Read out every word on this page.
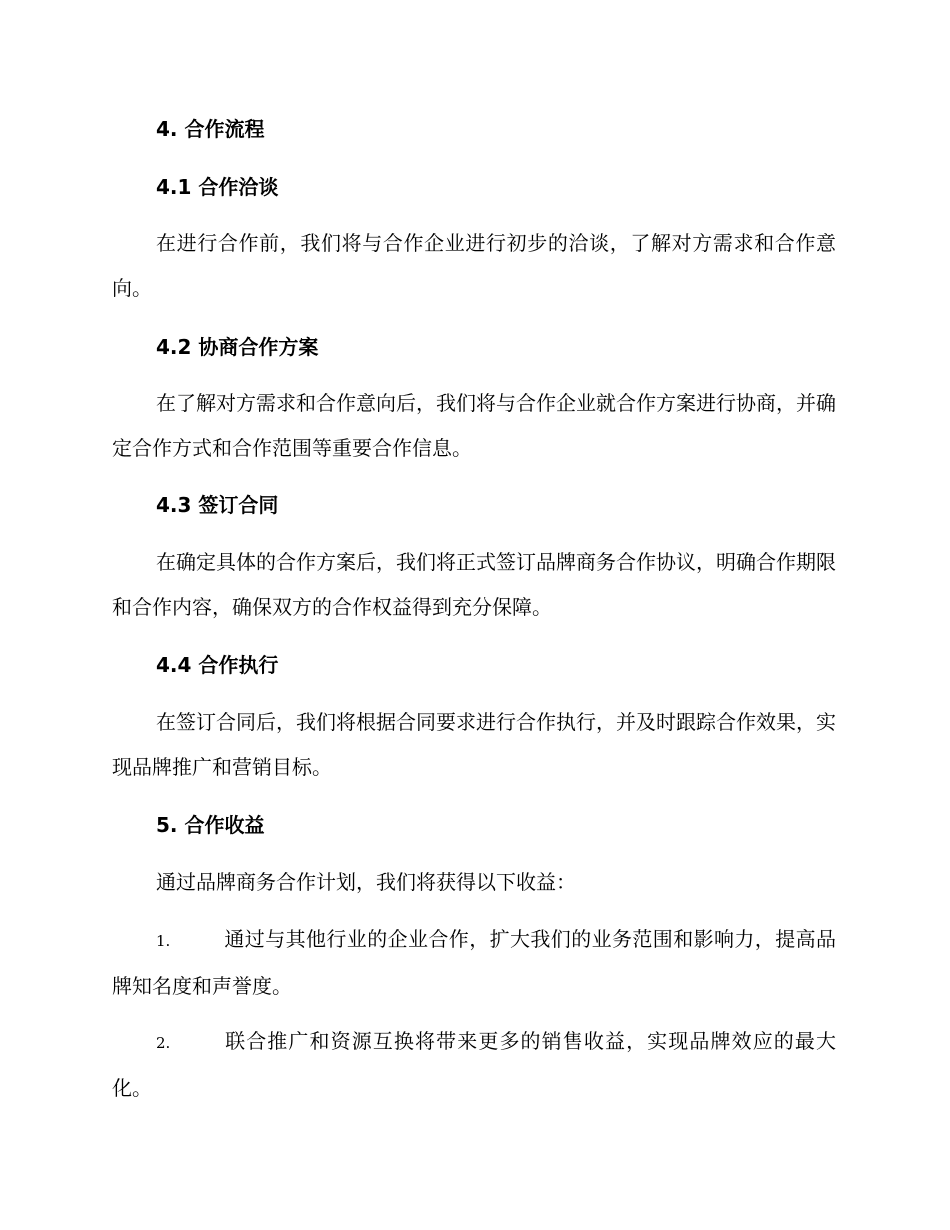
4. 合作流程
4.1 合作洽谈

在进行合作前，我们将与合作企业进行初步的洽谈，了解对方需求和合作意向。

4.2 协商合作方案

在了解对方需求和合作意向后，我们将与合作企业就合作方案进行协商，并确定合作方式和合作范围等重要合作信息。

4.3 签订合同

在确定具体的合作方案后，我们将正式签订品牌商务合作协议，明确合作期限和合作内容，确保双方的合作权益得到充分保障。

4.4 合作执行

在签订合同后，我们将根据合同要求进行合作执行，并及时跟踪合作效果，实现品牌推广和营销目标。

5. 合作收益

通过品牌商务合作计划，我们将获得以下收益：

1.	通过与其他行业的企业合作，扩大我们的业务范围和影响力，提高品牌知名度和声誉度。

2.	联合推广和资源互换将带来更多的销售收益，实现品牌效应的最大化。
